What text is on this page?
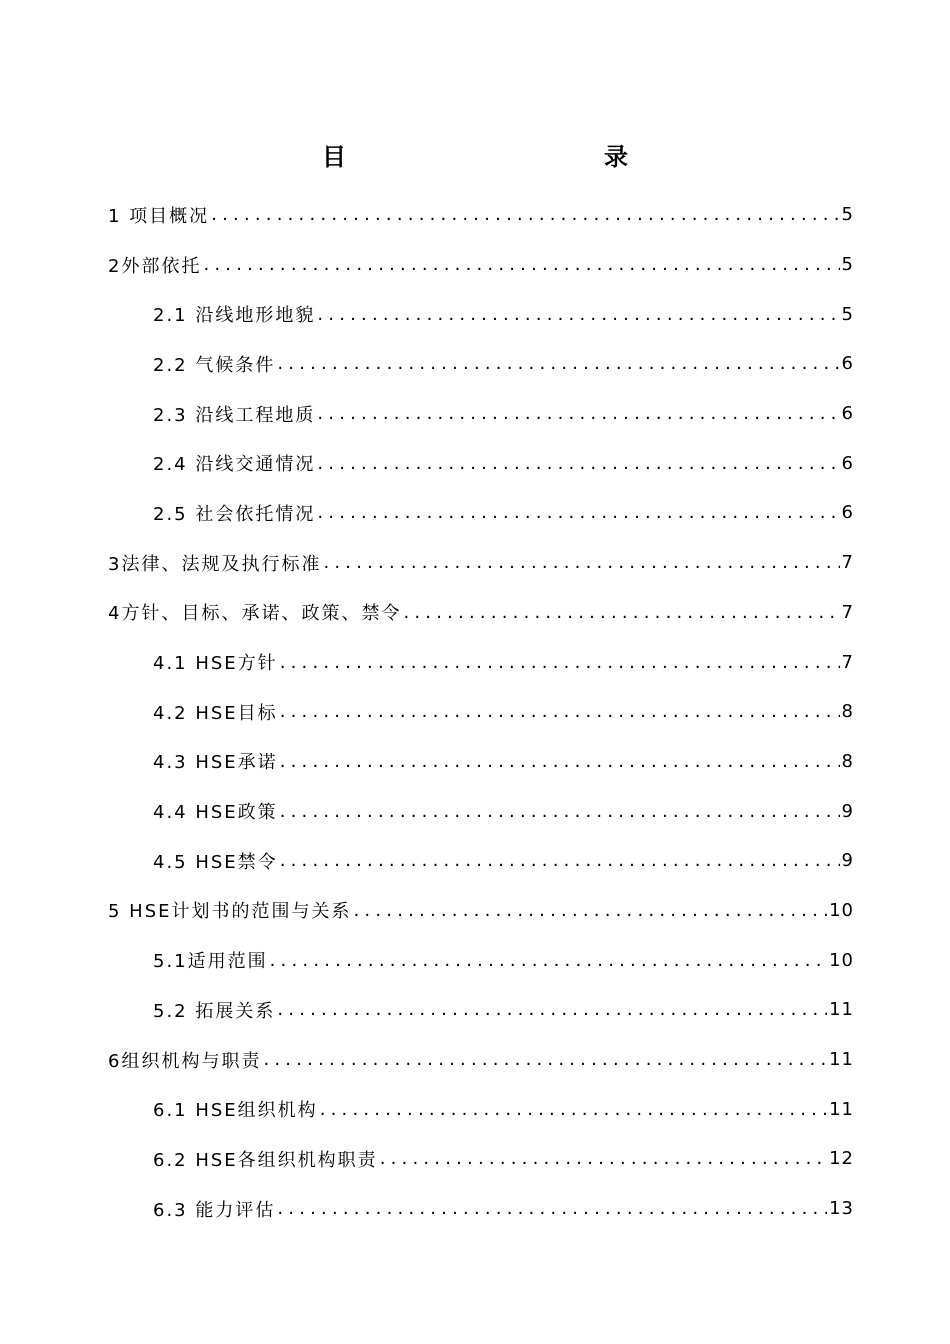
目　　录
1 项目概况 .....	5
2外部依托 .....	5
2.1 沿线地形地貌 .....	5
2.2 气候条件 .....	6
2.3 沿线工程地质 .....	6
2.4 沿线交通情况 .....	6
2.5 社会依托情况 .....	6
3法律、法规及执行标准 .....	7
4方针、目标、承诺、政策、禁令 .....	7
4.1 HSE方针 .....	7
4.2 HSE目标 .....	8
4.3 HSE承诺 .....	8
4.4 HSE政策 .....	9
4.5 HSE禁令 .....	9
5 HSE计划书的范围与关系 .....	10
5.1适用范围 .....	10
5.2 拓展关系 .....	11
6组织机构与职责 .....	11
6.1 HSE组织机构 .....	11
6.2 HSE各组织机构职责 .....	12
6.3 能力评估 .....	13
